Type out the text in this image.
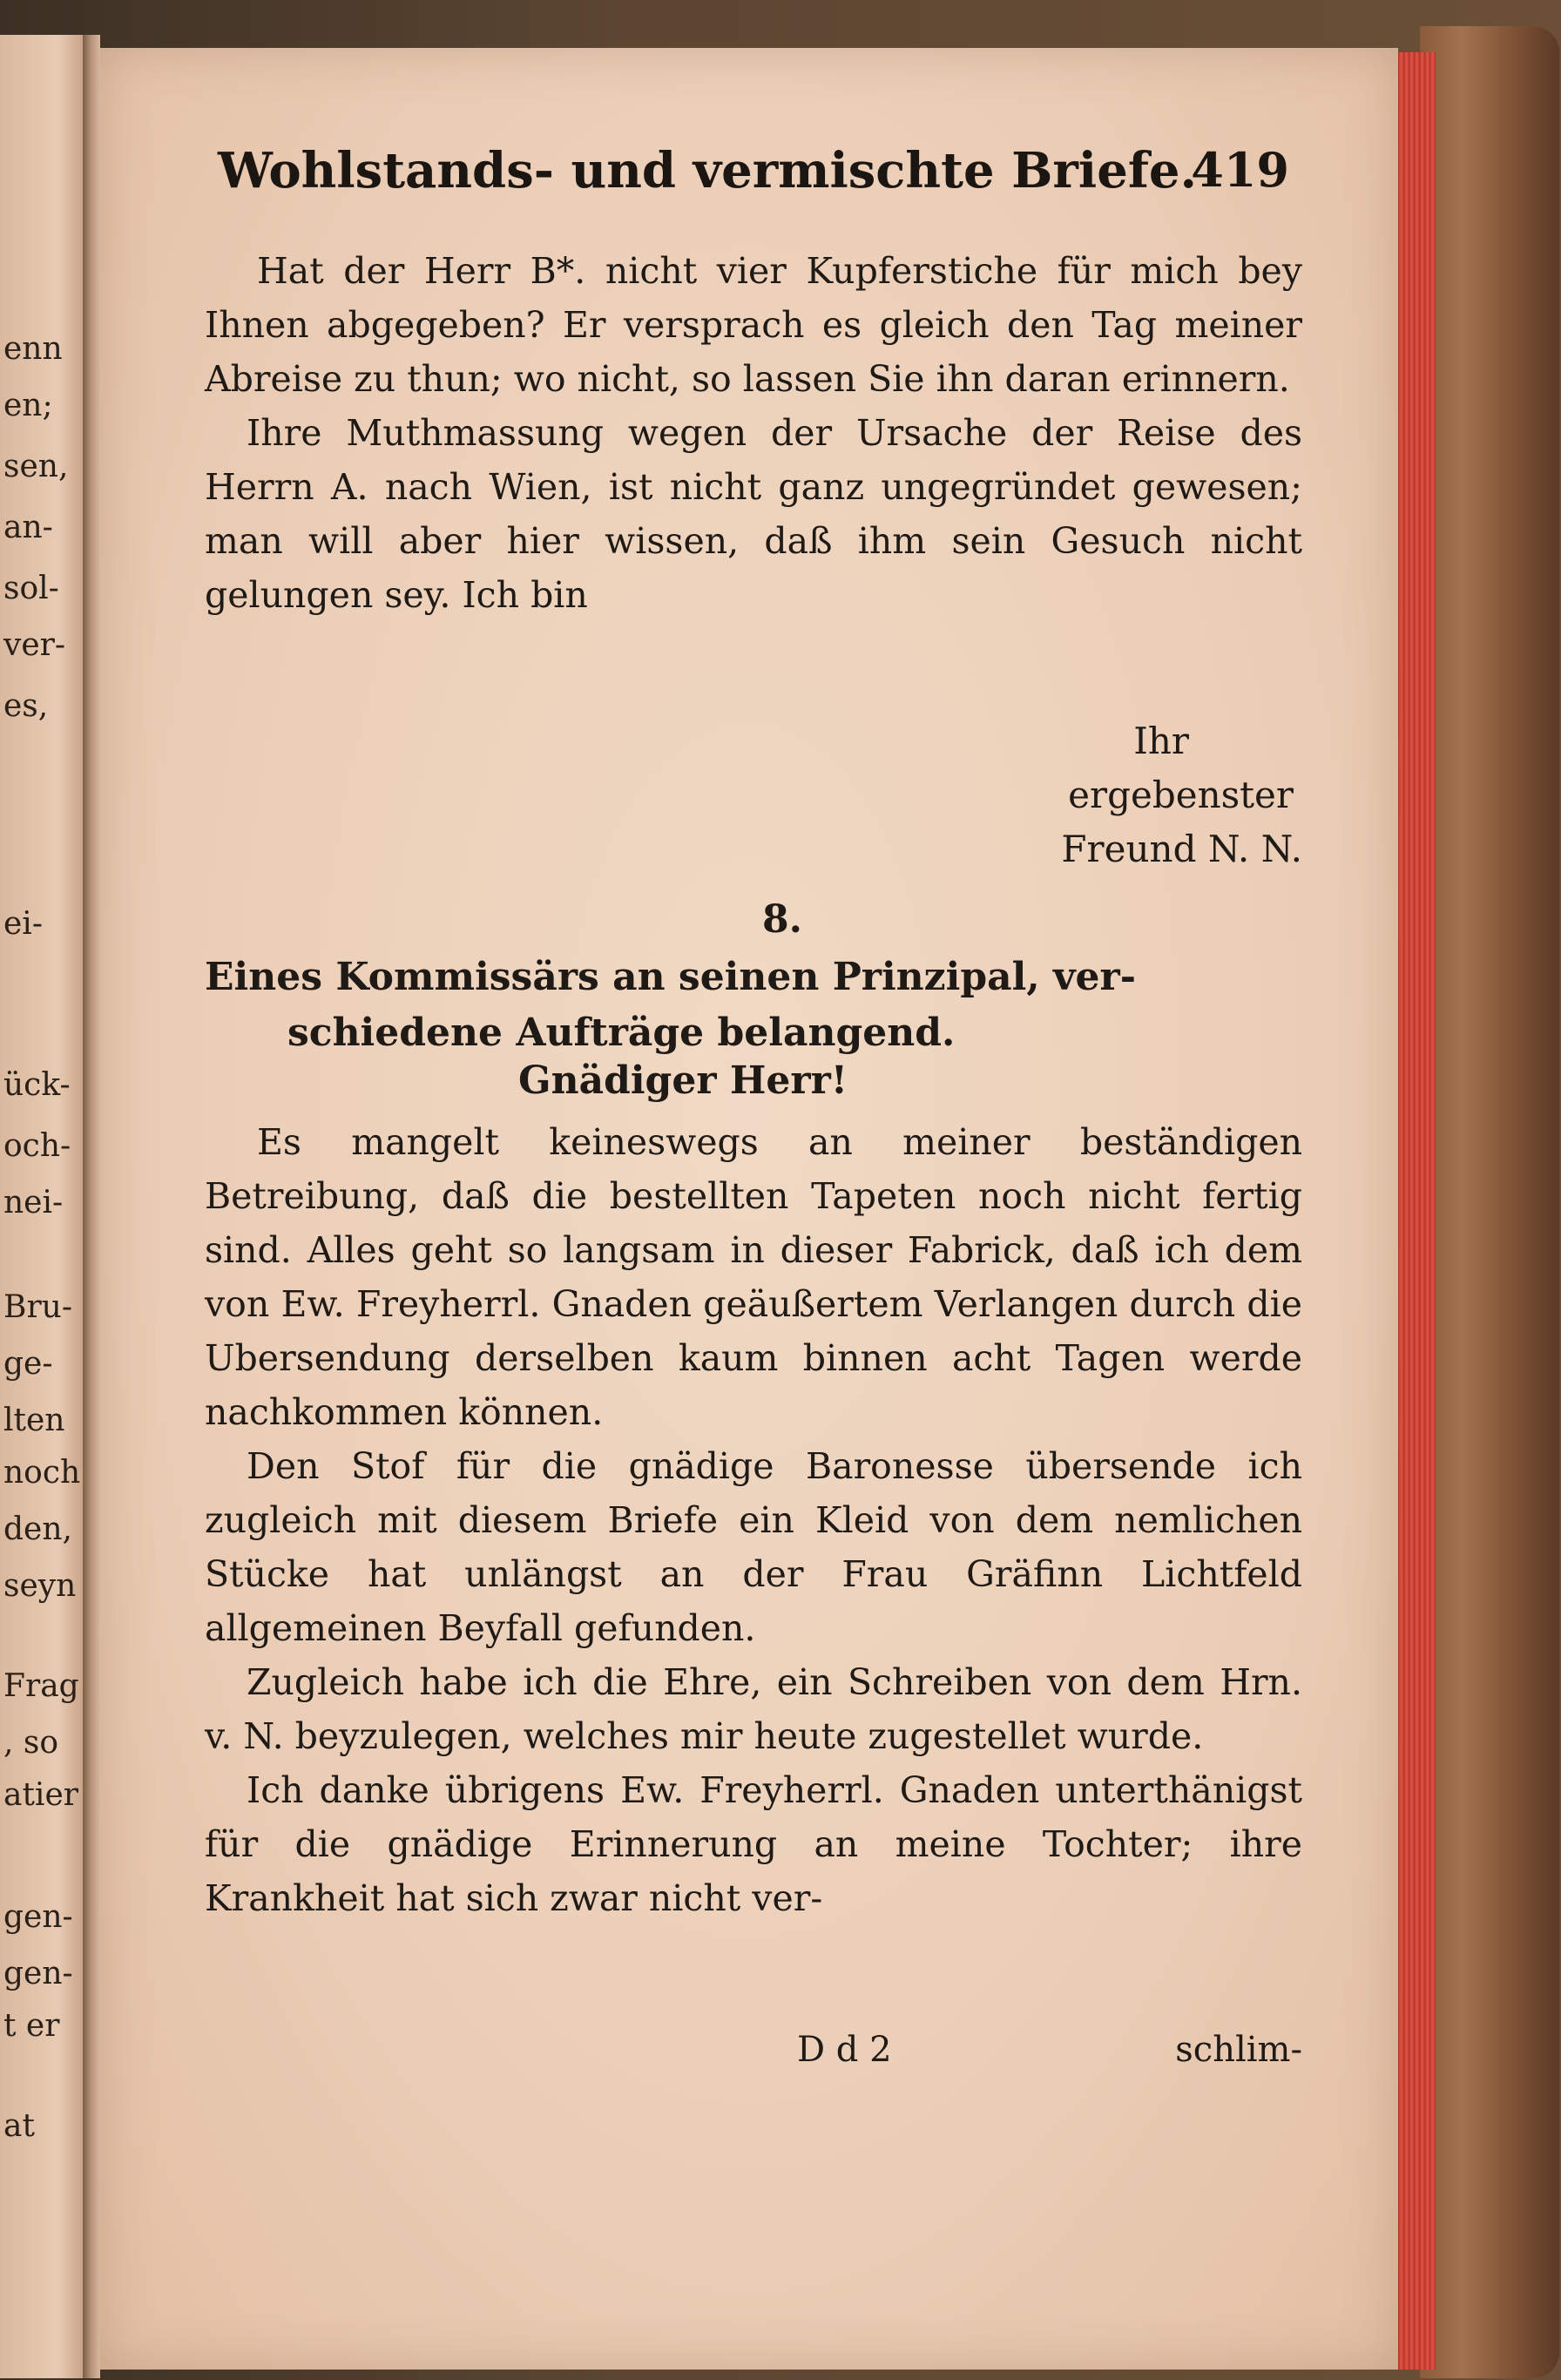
enn
en;
sen,
an-
sol-
ver-
es,
ei-
ück-
och-
nei-
Bru-
ge-
lten
noch
den,
seyn
Frag
, so
atier
gen-
gen-
t er
at
Wohlstands- und vermischte Briefe.
419

Hat der Herr B*. nicht vier Kupferstiche für mich bey Ihnen abgegeben? Er versprach es gleich den Tag meiner Abreise zu thun; wo nicht, so lassen Sie ihn daran erinnern.

Ihre Muthmassung wegen der Ursache der Reise des Herrn A. nach Wien, ist nicht ganz ungegründet gewesen; man will aber hier wissen, daß ihm sein Gesuch nicht gelungen sey. Ich bin

Ihr
ergebenster
Freund N. N.
8.
Eines Kommissärs an seinen Prinzipal, ver-
schiedene Aufträge belangend.
Gnädiger Herr!

Es mangelt keineswegs an meiner beständigen Betreibung, daß die bestellten Tapeten noch nicht fertig sind. Alles geht so langsam in dieser Fabrick, daß ich dem von Ew. Freyherrl. Gnaden geäußertem Verlangen durch die Ubersendung derselben kaum binnen acht Tagen werde nachkommen können.

Den Stof für die gnädige Baronesse übersende ich zugleich mit diesem Briefe ein Kleid von dem nemlichen Stücke hat unlängst an der Frau Gräfinn Lichtfeld allgemeinen Beyfall gefunden.

Zugleich habe ich die Ehre, ein Schreiben von dem Hrn. v. N. beyzulegen, welches mir heute zugestellet wurde.

Ich danke übrigens Ew. Freyherrl. Gnaden unterthänigst für die gnädige Erinnerung an meine Tochter; ihre Krankheit hat sich zwar nicht ver-

D d 2	schlim-
